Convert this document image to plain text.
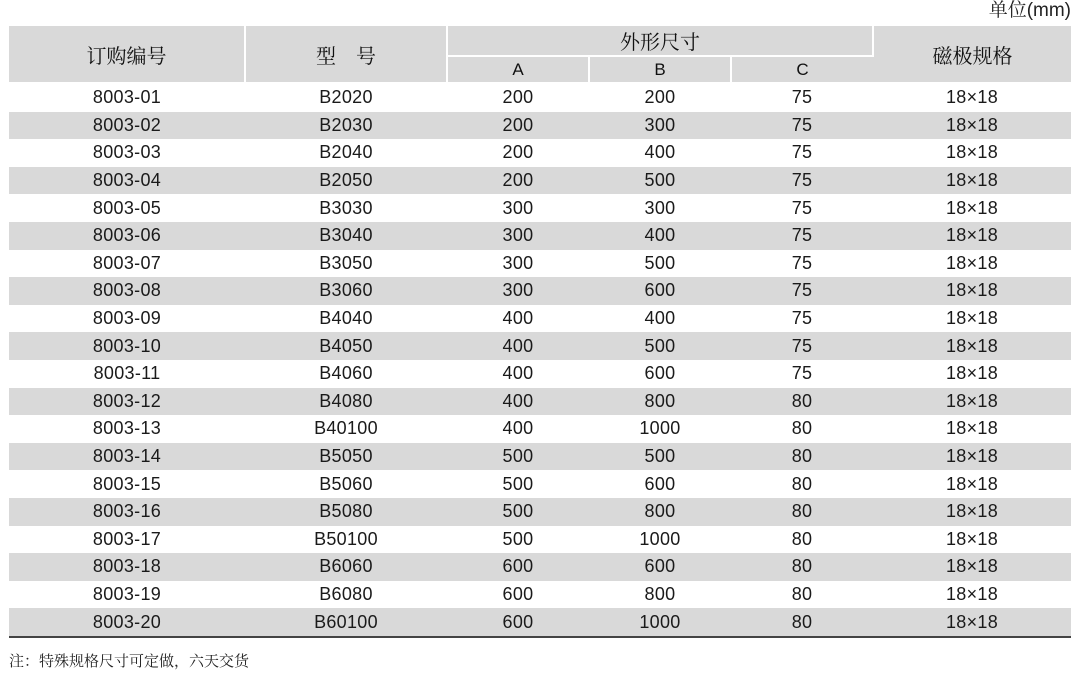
单位(mm)
订购编号	型　号	外形尺寸			磁极规格
		A	B	C	
8003-01	B2020	200	200	75	18×18
8003-02	B2030	200	300	75	18×18
8003-03	B2040	200	400	75	18×18
8003-04	B2050	200	500	75	18×18
8003-05	B3030	300	300	75	18×18
8003-06	B3040	300	400	75	18×18
8003-07	B3050	300	500	75	18×18
8003-08	B3060	300	600	75	18×18
8003-09	B4040	400	400	75	18×18
8003-10	B4050	400	500	75	18×18
8003-11	B4060	400	600	75	18×18
8003-12	B4080	400	800	80	18×18
8003-13	B40100	400	1000	80	18×18
8003-14	B5050	500	500	80	18×18
8003-15	B5060	500	600	80	18×18
8003-16	B5080	500	800	80	18×18
8003-17	B50100	500	1000	80	18×18
8003-18	B6060	600	600	80	18×18
8003-19	B6080	600	800	80	18×18
8003-20	B60100	600	1000	80	18×18
注：特殊规格尺寸可定做，六天交货
